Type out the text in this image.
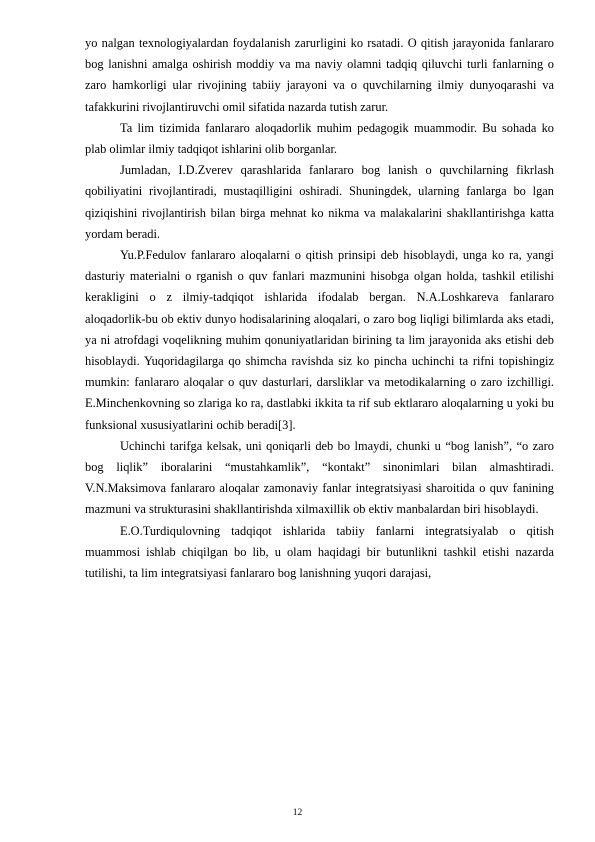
yo nalgan texnologiyalardan foydalanish zarurligini ko rsatadi. O qitish jarayonida fanlararo bog lanishni amalga oshirish moddiy va ma naviy olamni tadqiq qiluvchi turli fanlarning o zaro hamkorligi ular rivojining tabiiy jarayoni va o quvchilarning ilmiy dunyoqarashi va tafakkurini rivojlantiruvchi omil sifatida nazarda tutish zarur.

Ta lim tizimida fanlararo aloqadorlik muhim pedagogik muammodir. Bu sohada ko plab olimlar ilmiy tadqiqot ishlarini olib borganlar.

Jumladan, I.D.Zverev qarashlarida fanlararo bog lanish o quvchilarning fikrlash qobiliyatini rivojlantiradi, mustaqilligini oshiradi. Shuningdek, ularning fanlarga bo lgan qiziqishini rivojlantirish bilan birga mehnat ko nikma va malakalarini shakllantirishga katta yordam beradi.

Yu.P.Fedulov fanlararo aloqalarni o qitish prinsipi deb hisoblaydi, unga ko ra, yangi dasturiy materialni o rganish o quv fanlari mazmunini hisobga olgan holda, tashkil etilishi kerakligini o z ilmiy-tadqiqot ishlarida ifodalab bergan. N.A.Loshkareva fanlararo aloqadorlik-bu ob ektiv dunyo hodisalarining aloqalari, o zaro bog liqligi bilimlarda aks etadi, ya ni atrofdagi voqelikning muhim qonuniyatlaridan birining ta lim jarayonida aks etishi deb hisoblaydi. Yuqoridagilarga qo shimcha ravishda siz ko pincha uchinchi ta rifni topishingiz mumkin: fanlararo aloqalar o quv dasturlari, darsliklar va metodikalarning o zaro izchilligi. E.Minchenkovning so zlariga ko ra, dastlabki ikkita ta rif sub ektlararo aloqalarning u yoki bu funksional xususiyatlarini ochib beradi[3].

Uchinchi tarifga kelsak, uni qoniqarli deb bo lmaydi, chunki u “bog lanish”, “o zaro bog liqlik” iboralarini “mustahkamlik”, “kontakt” sinonimlari bilan almashtiradi. V.N.Maksimova fanlararo aloqalar zamonaviy fanlar integratsiyasi sharoitida o quv fanining mazmuni va strukturasini shakllantirishda xilmaxillik ob ektiv manbalardan biri hisoblaydi.

E.O.Turdiqulovning tadqiqot ishlarida tabiiy fanlarni integratsiyalab o qitish muammosi ishlab chiqilgan bo lib, u olam haqidagi bir butunlikni tashkil etishi nazarda tutilishi, ta lim integratsiyasi fanlararo bog lanishning yuqori darajasi,

12
